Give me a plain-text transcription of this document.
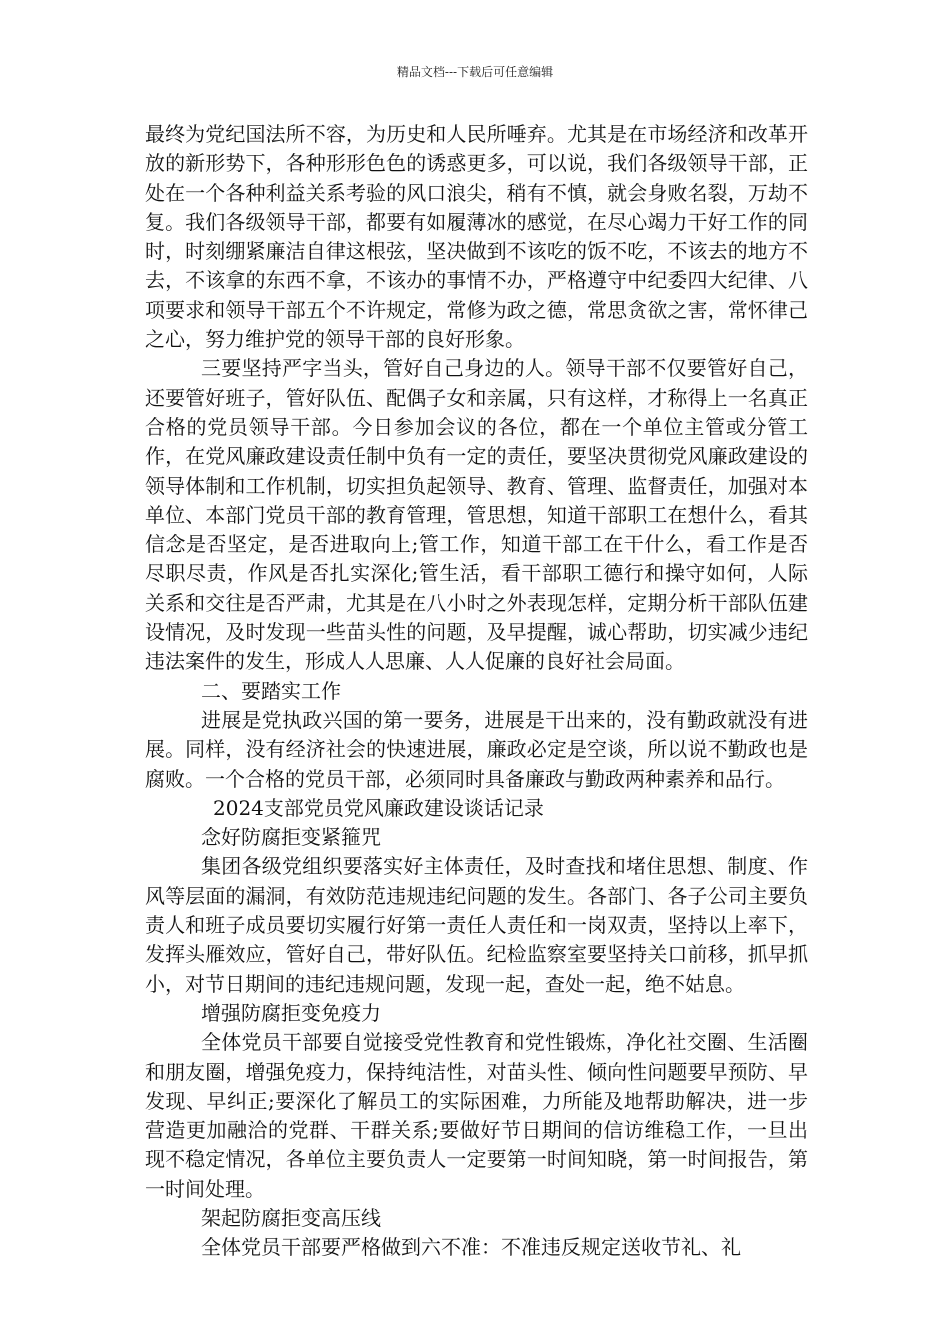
精品文档---下载后可任意编辑

最终为党纪国法所不容，为历史和人民所唾弃。尤其是在市场经济和改革开放的新形势下，各种形形色色的诱惑更多，可以说，我们各级领导干部，正处在一个各种利益关系考验的风口浪尖，稍有不慎，就会身败名裂，万劫不复。我们各级领导干部，都要有如履薄冰的感觉，在尽心竭力干好工作的同时，时刻绷紧廉洁自律这根弦，坚决做到不该吃的饭不吃，不该去的地方不去，不该拿的东西不拿，不该办的事情不办，严格遵守中纪委四大纪律、八项要求和领导干部五个不许规定，常修为政之德，常思贪欲之害，常怀律己之心，努力维护党的领导干部的良好形象。

三要坚持严字当头，管好自己身边的人。领导干部不仅要管好自己，还要管好班子，管好队伍、配偶子女和亲属，只有这样，才称得上一名真正合格的党员领导干部。今日参加会议的各位，都在一个单位主管或分管工作，在党风廉政建设责任制中负有一定的责任，要坚决贯彻党风廉政建设的领导体制和工作机制，切实担负起领导、教育、管理、监督责任，加强对本单位、本部门党员干部的教育管理，管思想，知道干部职工在想什么，看其信念是否坚定，是否进取向上;管工作，知道干部工在干什么，看工作是否尽职尽责，作风是否扎实深化;管生活，看干部职工德行和操守如何，人际关系和交往是否严肃，尤其是在八小时之外表现怎样，定期分析干部队伍建设情况，及时发现一些苗头性的问题，及早提醒，诚心帮助，切实减少违纪违法案件的发生，形成人人思廉、人人促廉的良好社会局面。

二、要踏实工作

进展是党执政兴国的第一要务，进展是干出来的，没有勤政就没有进展。同样，没有经济社会的快速进展，廉政必定是空谈，所以说不勤政也是腐败。一个合格的党员干部，必须同时具备廉政与勤政两种素养和品行。

2024支部党员党风廉政建设谈话记录

念好防腐拒变紧箍咒

集团各级党组织要落实好主体责任，及时查找和堵住思想、制度、作风等层面的漏洞，有效防范违规违纪问题的发生。各部门、各子公司主要负责人和班子成员要切实履行好第一责任人责任和一岗双责，坚持以上率下，发挥头雁效应，管好自己，带好队伍。纪检监察室要坚持关口前移，抓早抓小，对节日期间的违纪违规问题，发现一起，查处一起，绝不姑息。

增强防腐拒变免疫力

全体党员干部要自觉接受党性教育和党性锻炼，净化社交圈、生活圈和朋友圈，增强免疫力，保持纯洁性，对苗头性、倾向性问题要早预防、早发现、早纠正;要深化了解员工的实际困难，力所能及地帮助解决，进一步营造更加融洽的党群、干群关系;要做好节日期间的信访维稳工作，一旦出现不稳定情况，各单位主要负责人一定要第一时间知晓，第一时间报告，第一时间处理。

架起防腐拒变高压线

全体党员干部要严格做到六不准：不准违反规定送收节礼、礼
